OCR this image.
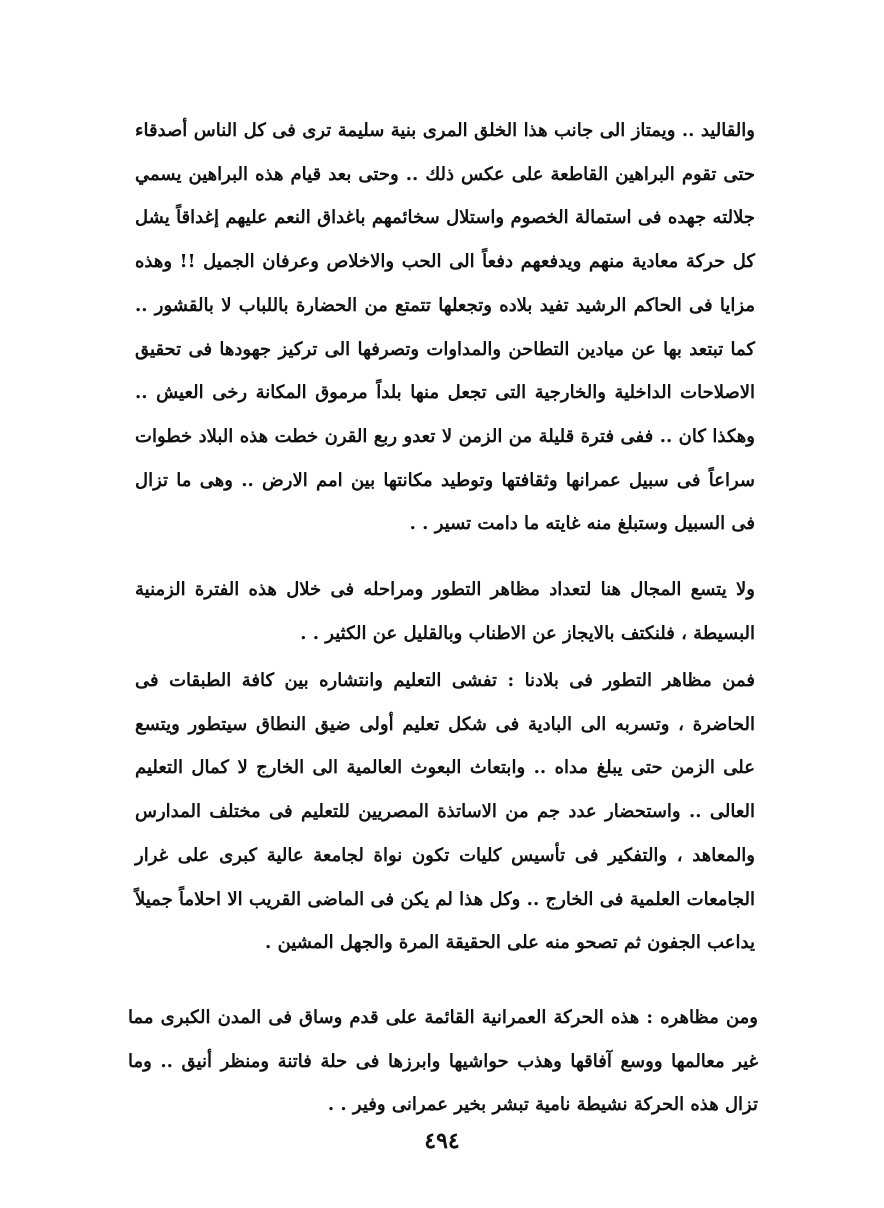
والقاليد .. ويمتاز الى جانب هذا الخلق المرى بنية سليمة ترى فى كل الناس أصدقاء حتى تقوم البراهين القاطعة على عكس ذلك .. وحتى بعد قيام هذه البراهين يسمي جلالته جهده فى استمالة الخصوم واستلال سخائمهم باغداق النعم عليهم إغداقاً يشل كل حركة معادية منهم ويدفعهم دفعاً الى الحب والاخلاص وعرفان الجميل !! وهذه مزايا فى الحاكم الرشيد تفيد بلاده وتجعلها تتمتع من الحضارة باللباب لا بالقشور .. كما تبتعد بها عن ميادين التطاحن والمداوات وتصرفها الى تركيز جهودها فى تحقيق الاصلاحات الداخلية والخارجية التى تجعل منها بلداً مرموق المكانة رخى العيش .. وهكذا كان .. ففى فترة قليلة من الزمن لا تعدو ربع القرن خطت هذه البلاد خطوات سراعاً فى سبيل عمرانها وثقافتها وتوطيد مكانتها بين امم الارض .. وهى ما تزال فى السبيل وستبلغ منه غايته ما دامت تسير . .

ولا يتسع المجال هنا لتعداد مظاهر التطور ومراحله فى خلال هذه الفترة الزمنية البسيطة ، فلنكتف بالايجاز عن الاطناب وبالقليل عن الكثير . .

فمن مظاهر التطور فى بلادنا : تفشى التعليم وانتشاره بين كافة الطبقات فى الحاضرة ، وتسربه الى البادية فى شكل تعليم أولى ضيق النطاق سيتطور ويتسع على الزمن حتى يبلغ مداه .. وابتعاث البعوث العالمية الى الخارج لا كمال التعليم العالى .. واستحضار عدد جم من الاساتذة المصريين للتعليم فى مختلف المدارس والمعاهد ، والتفكير فى تأسيس كليات تكون نواة لجامعة عالية كبرى على غرار الجامعات العلمية فى الخارج .. وكل هذا لم يكن فى الماضى القريب الا احلاماً جميلاً يداعب الجفون ثم تصحو منه على الحقيقة المرة والجهل المشين .

ومن مظاهره : هذه الحركة العمرانية القائمة على قدم وساق فى المدن الكبرى مما غير معالمها ووسع آفاقها وهذب حواشيها وابرزها فى حلة فاتنة ومنظر أنيق .. وما تزال هذه الحركة نشيطة نامية تبشر بخير عمرانى وفير . .

٤٩٤
